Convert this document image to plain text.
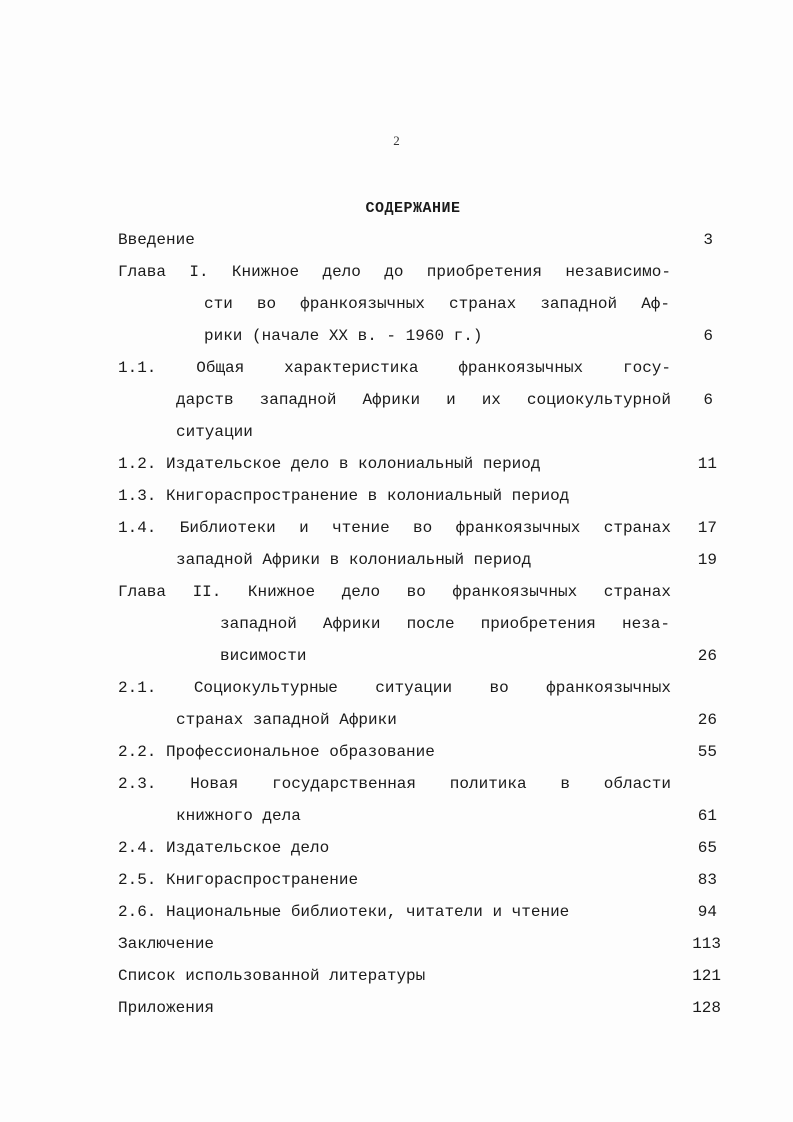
2
СОДЕРЖАНИЕ
Введение	3
Глава I. Книжное дело до приобретения независимо-
сти во франкоязычных странах западной Аф-
рики (начале XX в. - 1960 г.)	6
1.1. Общая характеристика франкоязычных госу-
дарств западной Африки и их социокультурной	6
ситуации
1.2. Издательское дело в колониальный период	11
1.3. Книгораспространение в колониальный период
1.4. Библиотеки и чтение во франкоязычных странах	17
западной Африки в колониальный период	19
Глава II. Книжное дело во франкоязычных странах
западной Африки после приобретения неза-
висимости	26
2.1. Социокультурные ситуации во франкоязычных
странах западной Африки	26
2.2. Профессиональное образование	55
2.3. Новая государственная политика в области
книжного дела	61
2.4. Издательское дело	65
2.5. Книгораспространение	83
2.6. Национальные библиотеки, читатели и чтение	94
Заключение	113
Список использованной литературы	121
Приложения	128
